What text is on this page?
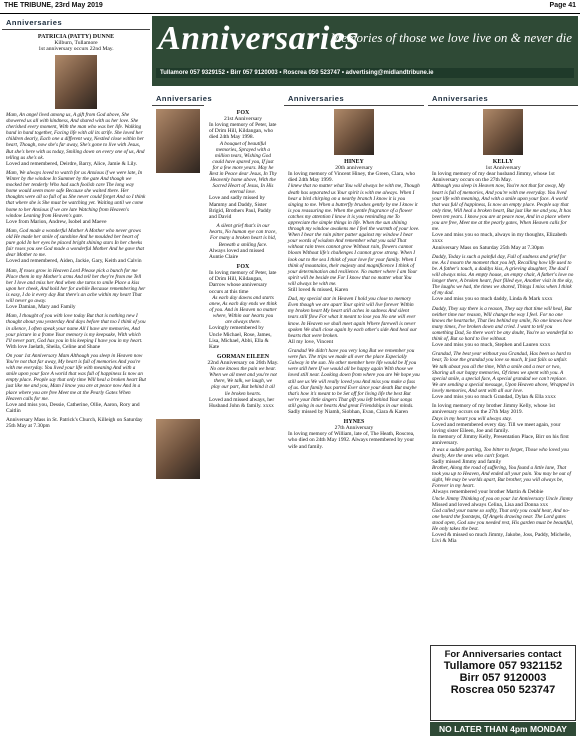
THE TRIBUNE, 23rd May 2019	Page 41
Anniversaries
PATRICIA (PATTY) DUNNE
Kilburn, Tullamore
1st anniversary occurs 22nd May.
Mam, An angel lived among us, A gift from God above, She showered us all with kindness, And shared with us her love. She cherished every moment, With the man who was her life. Walking hand in hand together, Facing life with all its strife. She loved her children dearly, Each one a different way, Nestled close within her heart, Though, now she's far away, She's gone to live with Jesus, But she's here with us today, Smiling down on every one of us, And telling us she's ok.
Loved and remembered, Deirdre, Barry, Alice, Jamie & Lily.
Mam, We always loved to watch for us Anxious if we were late, In Winter by the window In Summer by the gate And though we mocked her tenderly Who had such foolish care The long way home would seem more safe Because she waited there. Her thoughts were all so full of us She never could forget And so I think that where she is She must be watching yet. Waiting until we come home to her Anxious if we are late Watching from Heaven's window Leaning from Heaven's gate.
Love from Marion, Andrew, Isobel and Maeve
Mam, God made a wonderful Mother A Mother who never grows old He made her smile of sunshine And he moulded her heart of pure gold In her eyes he placed bright shining stars In her cheeks fair roses you see God made a wonderful Mother And he gave that dear Mother to me.
Loved and remembered, Aiden, Jackie, Gary, Keith and Calvin
Mam, If roses grow in Heaven Lord Please pick a bunch for me Place them in my Mother's arms And tell her they're from me Tell her I love and miss her And when she turns to smile Place a kiss upon her cheek, And hold her for awhile Because remembering her is easy, I do it every day But there's an ache within my heart That will never go away.
Love Damian, Mary and Family
Mam, I thought of you with love today But that is nothing new I thought about you yesterday And days before that too I think of you in silence, I often speak your name All I have are memories, And your picture in a frame Your memory is my keepsake, With which I'll never part, God has you in his keeping I have you in my heart.
With love Jaelath, Sheila, Celine and Shane
On your 1st Anniversary Mam Although you sleep in Heaven now You're not that far away, My heart is full of memories And you're with me everyday. You lived your life with meaning And with a smile upon your face A world that was full of happiness Is now an empty place. People say that only time Will heal a broken heart But just like me and you, Mam I know you are at peace now And in a place where you are free Meet me at the Pearly Gates When Heaven calls for me.
Love and miss you, Dessie, Catherine, Ollie, Aaron, Rory and Caitlin
Anniversary Mass in St. Patrick's Church, Killeigh on Saturday 25th May at 7.30pm
Anniversaries
Memories of those we love live on & never die
Tullamore 057 9329152 • Birr 057 9120003 • Roscrea 050 523747 • advertising@midlandtribune.ie
Anniversaries
FOX
21st Anniversary
In loving memory of Peter, late of Drim Hill, Kildangan, who died 24th May 1998.
A bouquet of beautiful memories, Sprayed with a million tears, Wishing God could have spared you, If just for a few more years. May he Rest in Peace dear Jesus, In Thy Heavenly home above, With the Sacred Heart of Jesus, In His eternal love.
Love and sadly missed by Mammy and Daddy, Sister Brigid, Brothers Paul, Paddy and David
A silent grief that's in our hearts, No human eye can trace, For many a broken heart is hid, Beneath a smiling face.
Always loved and missed Auntie Claire
FOX
In loving memory of Peter, late of Drim Hill, Kildangan, Darrow whose anniversary occurs at this time
As each day dawns and starts anew, As each day ends we think of you. And in Heaven no matter where, Within our hearts you are always there.
Lovingly remembered by Uncle Michael, Rose, James, Lisa, Michael, Abbi, Ella & Kate
GORMAN EILEEN
22nd Anniversary on 26th May.
No one knows the pain we bear. When we all meet and you're not there, We talk, we laugh, we play our part, But behind it all lie broken hearts.
Loved and missed always, her Husband John & family. xxxx
Anniversaries
HINEY
20th anniversary
In loving memory of Vincent Hiney, the Green, Clara, who died 24th May 1999.
I knew that no matter what You will always be with me, Though death has separated us Your spirit is with me always. When I hear a bird chirping on a nearby branch I know it is you singing to me. When a butterfly brushes gently by me I know it is you reassuring me. When the gentle fragrance of a flower catches my attention I know it is you reminding me To appreciate the simple things in life. When the sun shining through my window awakens me I feel the warmth of your love. When I hear the rain pitter patter against my window I hear your words of wisdom And remember what you said That without rain trees cannot grow Without rain, flowers cannot bloom Without life's challenges I cannot grow strong. When I look out to the sea I think of your love for your family. When I think of mountains, their majesty and magnificence I think of your determination and resilience. No matter where I am Your spirit will be beside me For I know that no matter what You will always be with me.
Still loved & missed, Karen
Dad, my special star in Heaven I hold you close to memory Even though we are apart Your spirit will live forever Within my broken heart My heart still aches in sadness And silent tears still flow For what it meant to lose you No one will ever know. In Heaven we shall meet again Where farewell is never spoken We shall close again by each other's side And heal our hearts that were broken.
All my love, Vincent
Grandad We didn't have you very long But we remember you were fun. The trips we made all over the place Especially Galway in the sun. No other member here life would be If you were still here If we would all be happy again With those we loved still near. Looking down from where you are We hope you still see us We will really loved you And miss you make a fuss of us. Our family has parted Ever since your death But maybe that's how it's meant to be Set off for living life the best But we're your little singers That gift you left behind Your songs still going in our hearts And great Friendships in our minds.
Sadly missed by Niamh, Siobhan, Evan, Ciara & Karen
HYNES
27th Anniversary
In loving memory of William, late of, The Heath, Roscrea, who died on 24th May 1992. Always remembered by your wife and family.
Anniversaries
KELLY
1st Anniversary
In loving memory of my dear husband Jimmy, whose 1st Anniversary occurs on the 27th May.
Although you sleep in Heaven now, You're not that far away, My heart is full of memories, And you're with me everyday. You lived your life with meaning, And with a smile upon your face. A world that was full of happiness, Is now an empty place. People say that only time, Will heal a broken heart, But just like me and you, It has been ten years. I know you are at peace now, And in a place where you are free, Meet me at the pearly gates, When Heaven calls for me.
Love and miss you so much, always in my thoughts, Elizabeth xxxx
Anniversary Mass on Saturday 25th May at 7.30pm
Daddy, Today is such a painful day, Full of sadness and grief for me. As I mourn the moment that you left, Recalling how life used to be. A father's touch, a daddys kiss, A grieving daughter, The dad I will always miss. An empty house, an empty chair, A father's love no longer there, A broken heart, fear filled eye, Another visit in the sky, The laughs we had, the times we shared, Things I miss when I think of my dad.
Love and miss you so much daddy, Linda & Mark xxxx
Daddy, They say there is a reason, They say that time will heal, But neither time nor reason, Will change the way I feel. For no one knows the heartache, That lies behind my smile, No one knows how many times, I've broken down and cried. I want to tell you something Dad, So there won't be any doubt, You're so wonderful to think of, But so hard to live without.
Love and miss you so much, Stephen and Lauren xxxx
Grandad, The best year without you Grandad, Has been so hard to bear, To lose the grandad you love so much, It just fails so unfair. We talk about you all the time, With a smile and a tear or two, Sharing all our happy memories, Of times we spent with you. A special smile, a special face, A special grandad we can't replace. We are sending a special message, Upon Heaven above, Wrapped in lovely memories, And sent with all our love.
Love and miss you so much Grandad, Dylan & Ella xxxx
In loving memory of my brother Jimmy Kelly, whose 1st anniversary occurs on the 27th May 2019.
Days in my heart you will always stay.
Loved and remembered every day. Till we meet again, your loving sister Eileen, Joe and family.
In memory of Jimmy Kelly, Presentation Place, Birr on his first anniversary.
It was a sudden parting, Too bitter to forget, Those who loved you dearly, Are the ones who can't forget.
Sadly missed Jimmy and family
Brother, Along the road of suffering, You found a little lane, That took you up to Heaven, And ended all your pain. You may be out of sight, We may be worlds apart, But brother, you will always be, Forever in my heart.
Always remembered your brother Martin & Debbie
Uncle Jimmy Thinking of you on your 1st Anniversary Uncle Jimmy
Missed and loved always Celina, Lisa and Donna xxx
God called your name so softly, That only you could hear, And no-one heard the footsteps, Of Angels drawing near. The Lord gates stood open, God saw you needed rest, His garden must be beautiful, He only takes the best.
Loved & missed so much Jimmy, Jakobe, Joss, Paddy, Michelle, Livi & Mia
For Anniversaries contact
Tullamore 057 9321152
Birr 057 9120003
Roscrea 050 523747
NO LATER THAN 4pm MONDAY
